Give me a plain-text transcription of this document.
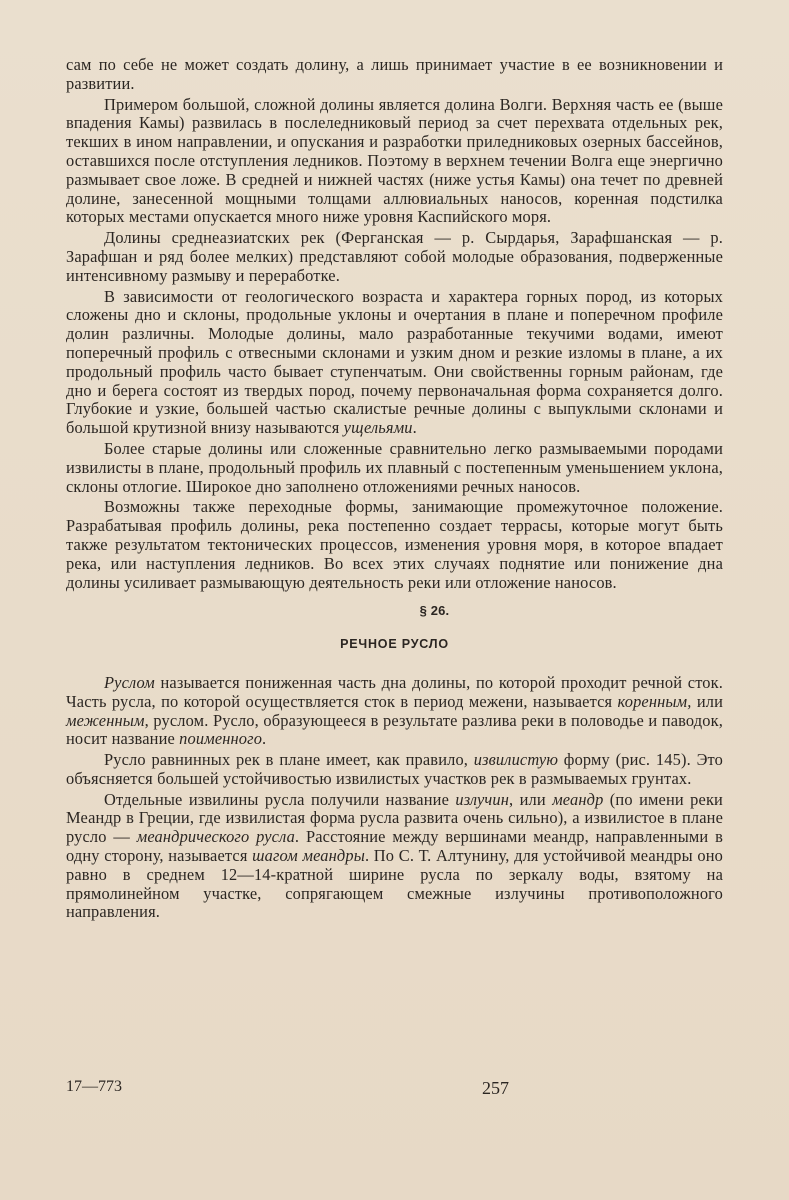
сам по себе не может создать долину, а лишь принимает участие в ее возникновении и развитии.

Примером большой, сложной долины является долина Волги. Верхняя часть ее (выше впадения Камы) развилась в послеледниковый период за счет перехвата отдельных рек, текших в ином направлении, и опускания и разработки приледниковых озерных бассейнов, оставшихся после отступления ледников. Поэтому в верхнем течении Волга еще энергично размывает свое ложе. В средней и нижней частях (ниже устья Камы) она течет по древней долине, занесенной мощными толщами аллювиальных наносов, коренная подстилка которых местами опускается много ниже уровня Каспийского моря.

Долины среднеазиатских рек (Ферганская — р. Сырдарья, Зарафшанская — р. Зарафшан и ряд более мелких) представляют собой молодые образования, подверженные интенсивному размыву и переработке.

В зависимости от геологического возраста и характера горных пород, из которых сложены дно и склоны, продольные уклоны и очертания в плане и поперечном профиле долин различны. Молодые долины, мало разработанные текучими водами, имеют поперечный профиль с отвесными склонами и узким дном и резкие изломы в плане, а их продольный профиль часто бывает ступенчатым. Они свойственны горным районам, где дно и берега состоят из твердых пород, почему первоначальная форма сохраняется долго. Глубокие и узкие, большей частью скалистые речные долины с выпуклыми склонами и большой крутизной внизу называются ущельями.

Более старые долины или сложенные сравнительно легко размываемыми породами извилисты в плане, продольный профиль их плавный с постепенным уменьшением уклона, склоны отлогие. Широкое дно заполнено отложениями речных наносов.

Возможны также переходные формы, занимающие промежуточное положение. Разрабатывая профиль долины, река постепенно создает террасы, которые могут быть также результатом тектонических процессов, изменения уровня моря, в которое впадает река, или наступления ледников. Во всех этих случаях поднятие или понижение дна долины усиливает размывающую деятельность реки или отложение наносов.

§ 26.
РЕЧНОЕ РУСЛО

Руслом называется пониженная часть дна долины, по которой проходит речной сток. Часть русла, по которой осуществляется сток в период межени, называется коренным, или меженным, руслом. Русло, образующееся в результате разлива реки в половодье и паводок, носит название поименного.

Русло равнинных рек в плане имеет, как правило, извилистую форму (рис. 145). Это объясняется большей устойчивостью извилистых участков рек в размываемых грунтах.

Отдельные извилины русла получили название излучин, или меандр (по имени реки Меандр в Греции, где извилистая форма русла развита очень сильно), а извилистое в плане русло — меандрического русла. Расстояние между вершинами меандр, направленными в одну сторону, называется шагом меандры. По С. Т. Алтунину, для устойчивой меандры оно равно в среднем 12—14-кратной ширине русла по зеркалу воды, взятому на прямолинейном участке, сопрягающем смежные излучины противоположного направления.

17—773	257
